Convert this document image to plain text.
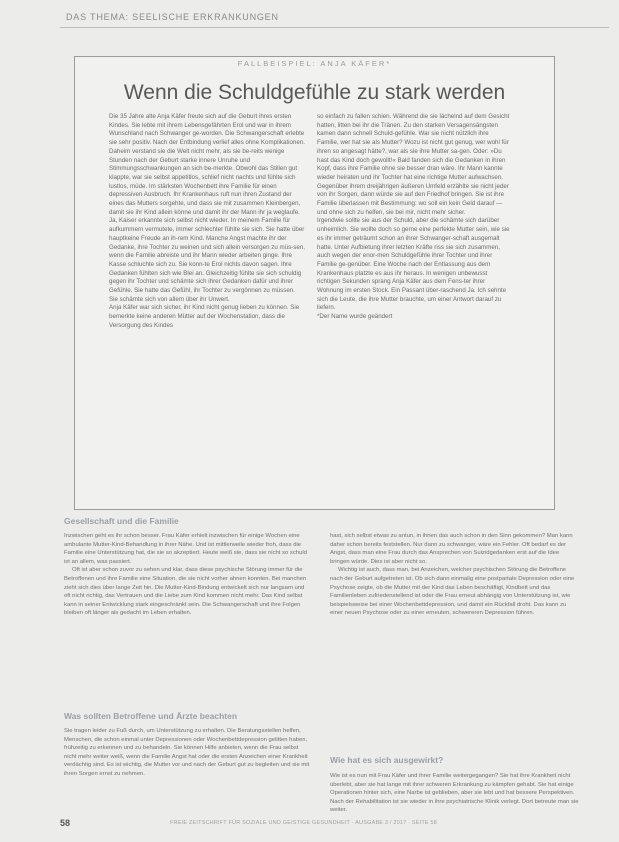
DAS THEMA: SEELISCHE ERKRANKUNGEN
FALLBEISPIEL: ANJA KÄFER*
Wenn die Schuldgefühle zu stark werden

Die 35 Jahre alte Anja Käfer freute sich auf die Geburt ihres ersten Kindes. Sie lebte mit ihrem Lebensgefährten Erol und war in ihrem Wunschland nach Schwanger ge-worden. Die Schwangerschaft erlebte sie sehr positiv. Nach der Entbindung verlief alles ohne Komplikationen. Daheim verstand sie die Welt nicht mehr, als sie be-reits wenige Stunden nach der Geburt starke innere Unruhe und Stimmungsschwankungen an sich be-merkte. Obwohl das Stillen gut klappte, war sie selbst appetitlos, schlief nicht nachts und fühlte sich lustlos, müde. Im stärksten Wochenbett ihre Familie für einen depressiven Ausbruch. Ihr Krankenhaus ruft nun ihren Zustand der eines das Mutters sorgehte, und dass sie mit zusammen Kleinbergen, damit sie ihr Kind allein könne und damit ihr der Mann ihr ja weglaufe. Ja, Kaiser erkannte sich selbst nicht wieder. In meinem Familie für aufkummern vermutete, immer schlechter fühlte sie sich. Sie hatte über hauptkeine Freude an ih-rem Kind. Manche Angst machte ihr der Gedanke, ihre Tochter zu weinen und sich allein versorgen zu müs-sen, wenn die Familie abreiste und ihr Mann wieder arbeiten ginge. Ihre Kasse schluchte sich zu. Sie konn-te Erol nichts davon sagen. Ihre Gedanken fühlten sich wie Blei an. Gleichzeitig fühlte sie sich schuldig gegen ihr Tochter und schämte sich ihrer Gedanken dafür und ihrer Gefühle. Sie hatte das Gefühl, ihr Tochter zu vergönnen zu müssen. Sie schämte sich von allem über ihr Unwert.

Anja Käfer war sich sicher, ihr Kind nicht genug lieben zu können. Sie bemerkte keine anderen Mütter auf der Wochenstation, dass die Versorgung des Kindes

so einfach zu fallen schien. Während die sie lächelnd auf dem Gesicht hatten, litten bei ihr die Tränen. Zu den starken Versagensängsten kamen dann schnell Schuld-gefühle. War sie nicht nützlich ihre Familie, wer hat sie als Mutter? Wozu ist nicht gut genug, wer wohl für ihren so angesagt hätte?, war als sie ihre Mutter sa-gen. Oder: »Du hast das Kind doch gewollt!« Bald fanden sich die Gedanken in ihren Kopf, dass ihre Familie ohne sie besser dran wäre. Ihr Mann kannte wieder heiraten und ihr Tochter hat eine richtige Mutter aufwachsen. Gegenüber ihrem dreijährigen äußeren Umfeld erzählte sie nicht jeder von ihr Sorgen, dann würde sie auf den Friedhof bringen. Sie ist ihre Familie überlassen mit Bestimmung: wo soll ein kein Geld darauf — und ohne sich zu helfen, sie bei mir, nicht mehr sicher.

Irgendwie sollte sie aus der Schuld, aber die schämte sich darüber unheimlich. Sie wollte doch so gerne eine perfekte Mutter sein, wie sie es ihr immer geträumt schon an ihrer Schwanger-schaft ausgemalt hatte. Unter Aufbietung ihrer letzten Kräfte riss sie sich zusammen, auch wegen der enor-men Schuldgefühle ihrer Tochter und ihrer Familie ge-genüber. Eine Woche nach der Entlassung aus dem Krankenhaus platzte es aus ihr heraus. In wenigen unbewusst richtigen Sekunden sprang Anja Käfer aus dem Fens-ter ihrer Wohnung im ersten Stock. Ein Passant über-raschend Ja. Ich sehnte sich die Leute, die ihre Mutter brauchte, um einer Antwort darauf zu liefern.

*Der Name wurde geändert

Gesellschaft und die Familie

Inzwischen geht es ihr schon besser. Frau Käfer erhielt inzwischen für einige Wochen eine ambulante Mutter-Kind-Behandlung in ihrer Nähe. Und ist mittlerweile wieder froh, dass die Familie eine Unterstützung hat, die sie so akzeptiert. Heute weiß sie, dass sie nicht so schuld ist an allem, was passiert.

Oft ist aber schon zuvor zu sehen und klar, dass diese psychische Störung immer für die Betroffenen und ihre Familie eine Situation, die sie nicht vorher ahnen konnten. Bei manchen zieht sich dies über lange Zeit hin. Die Mutter-Kind-Bindung entwickelt sich nur langsam und oft nicht richtig, das Vertrauen und die Liebe zum Kind kommen nicht mehr. Das Kind selbst kann in seiner Entwicklung stark eingeschränkt sein. Die Schwangerschaft und ihre Folgen bleiben oft länger als gedacht im Leben erhalten.

Was sollten Betroffene und Ärzte beachten

Sie tragen leider zu Fuß durch, um Unterstützung zu erhalten. Die Beratungsstellen helfen, Menschen, die schon einmal unter Depressionen oder Wochenbettdepression gelitten haben, frühzeitig zu erkennen und zu behandeln. Sie können Hilfe anbieten, wenn die Frau selbst nicht mehr weiter weiß, wenn die Familie Angst hat oder die ersten Anzeichen einer Krankheit verdächtig sind. Es ist wichtig, die Mutter vor und nach der Geburt gut zu begleiten und sie mit ihren Sorgen ernst zu nehmen.

hast, sich selbst etwas zu antun, in ihnen das auch schon in den Sinn gekommen? Man kann daher schon bereits feststellen. Nur dann zu schwanger, wäre ein Fehler. Oft bedarf es der Angst, dass man eine Frau durch das Ansprechen von Suizidgedanken erst auf die Idee bringen würde. Dies ist aber nicht so.

Wichtig ist auch, dass man, bei Anzeichen, welcher psychischen Störung die Betroffene nach der Geburt aufgetreten ist. Ob sich dann einmalig eine postpartale Depression oder eine Psychose zeigte, ob die Mutter mit der Kind das Leben beschäftigt, Kindbett und das Familienleben zufriedenstellend ist oder die Frau erneut abhängig von Unterstützung ist, wie beispielsweise bei einer Wochenbettdepression, und damit ein Rückfall droht. Das kann zu einer neuen Psychose oder zu einer erneuten, schwereren Depression führen.

Wie hat es sich ausgewirkt?

Wie ist es nun mit Frau Käfer und ihrer Familie weitergegangen? Sie hat ihre Krankheit nicht überlebt, aber sie hat lange mit ihrer schweren Erkrankung zu kämpfen gehabt. Sie hat einige Operationen hinter sich, eine Narbe ist geblieben, aber sie lebt und hat bessere Perspektiven. Nach der Rehabilitation ist sie wieder in ihre psychiatrische Klinik verlegt. Dort betreute man sie weiter.

58	FREIE ZEITSCHRIFT FÜR SOZIALE UND GEISTIGE GESUNDHEIT · AUSGABE 3 / 2017 · SEITE 58
